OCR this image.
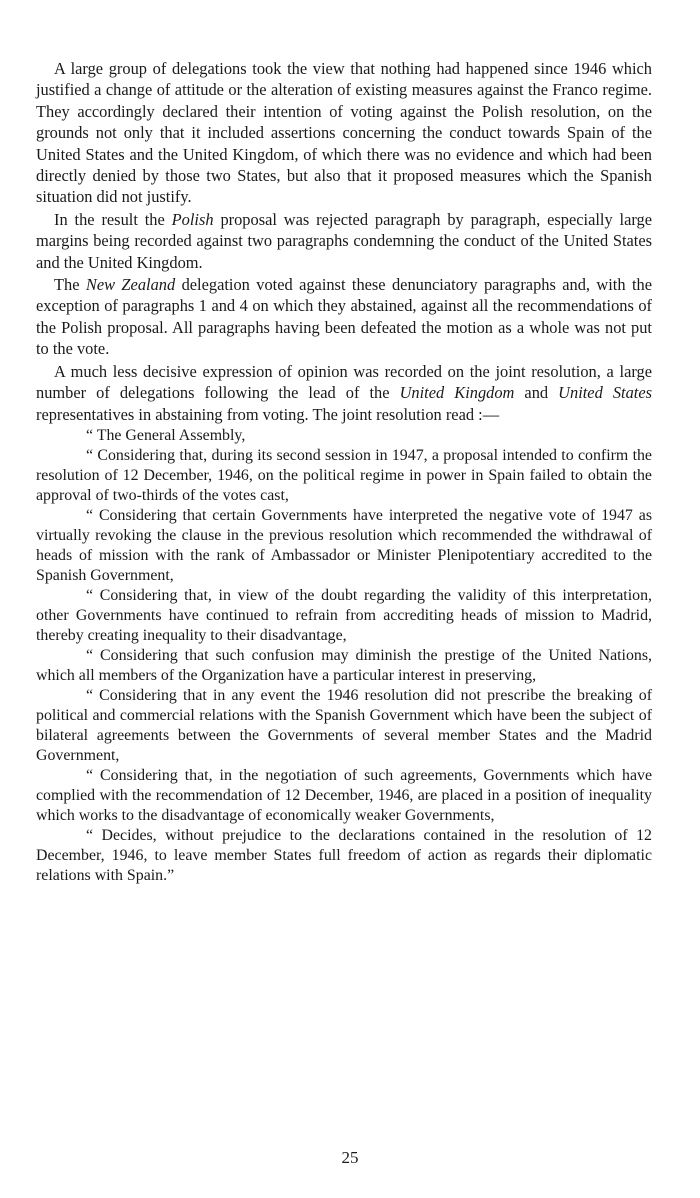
A large group of delegations took the view that nothing had happened since 1946 which justified a change of attitude or the alteration of existing measures against the Franco regime. They accordingly declared their intention of voting against the Polish resolution, on the grounds not only that it included assertions concerning the conduct towards Spain of the United States and the United Kingdom, of which there was no evidence and which had been directly denied by those two States, but also that it proposed measures which the Spanish situation did not justify.

In the result the Polish proposal was rejected paragraph by paragraph, especially large margins being recorded against two paragraphs condemning the conduct of the United States and the United Kingdom.

The New Zealand delegation voted against these denunciatory paragraphs and, with the exception of paragraphs 1 and 4 on which they abstained, against all the recommendations of the Polish proposal. All paragraphs having been defeated the motion as a whole was not put to the vote.

A much less decisive expression of opinion was recorded on the joint resolution, a large number of delegations following the lead of the United Kingdom and United States representatives in abstaining from voting. The joint resolution read :—

“ The General Assembly,

“ Considering that, during its second session in 1947, a proposal intended to confirm the resolution of 12 December, 1946, on the political regime in power in Spain failed to obtain the approval of two-thirds of the votes cast,

“ Considering that certain Governments have interpreted the negative vote of 1947 as virtually revoking the clause in the previous resolution which recommended the withdrawal of heads of mission with the rank of Ambassador or Minister Plenipotentiary accredited to the Spanish Government,

“ Considering that, in view of the doubt regarding the validity of this interpretation, other Governments have continued to refrain from accrediting heads of mission to Madrid, thereby creating inequality to their disadvantage,

“ Considering that such confusion may diminish the prestige of the United Nations, which all members of the Organization have a particular interest in preserving,

“ Considering that in any event the 1946 resolution did not prescribe the breaking of political and commercial relations with the Spanish Government which have been the subject of bilateral agreements between the Governments of several member States and the Madrid Government,

“ Considering that, in the negotiation of such agreements, Governments which have complied with the recommendation of 12 December, 1946, are placed in a position of inequality which works to the disadvantage of economically weaker Governments,

“ Decides, without prejudice to the declarations contained in the resolution of 12 December, 1946, to leave member States full freedom of action as regards their diplomatic relations with Spain.”

25
